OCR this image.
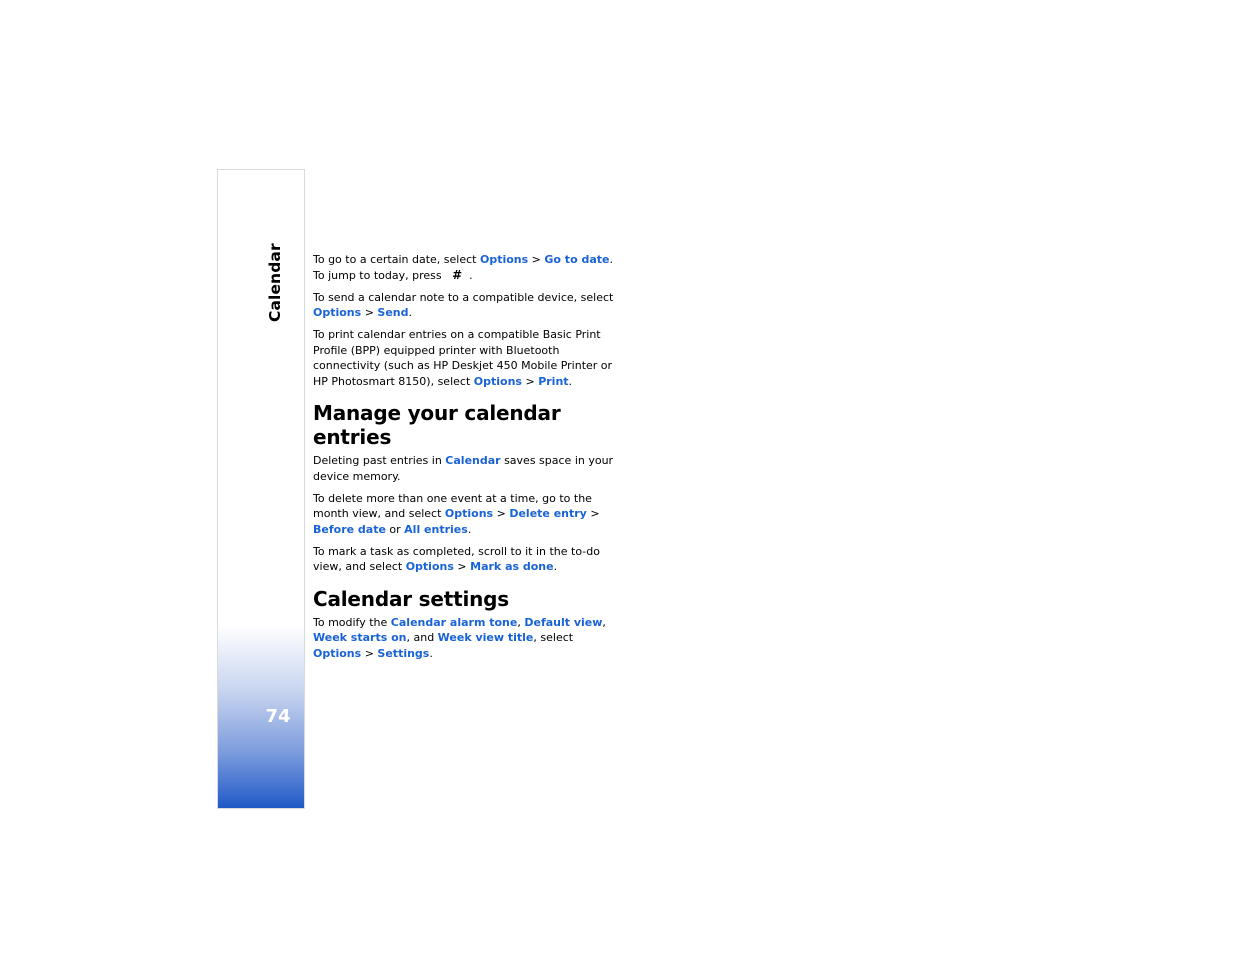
Calendar
74

To go to a certain date, select Options > Go to date. To jump to today, press # .

To send a calendar note to a compatible device, select Options > Send.

To print calendar entries on a compatible Basic Print Profile (BPP) equipped printer with Bluetooth connectivity (such as HP Deskjet 450 Mobile Printer or HP Photosmart 8150), select Options > Print.

Manage your calendar entries

Deleting past entries in Calendar saves space in your device memory.

To delete more than one event at a time, go to the month view, and select Options > Delete entry > Before date or All entries.

To mark a task as completed, scroll to it in the to-do view, and select Options > Mark as done.

Calendar settings

To modify the Calendar alarm tone, Default view, Week starts on, and Week view title, select Options > Settings.
